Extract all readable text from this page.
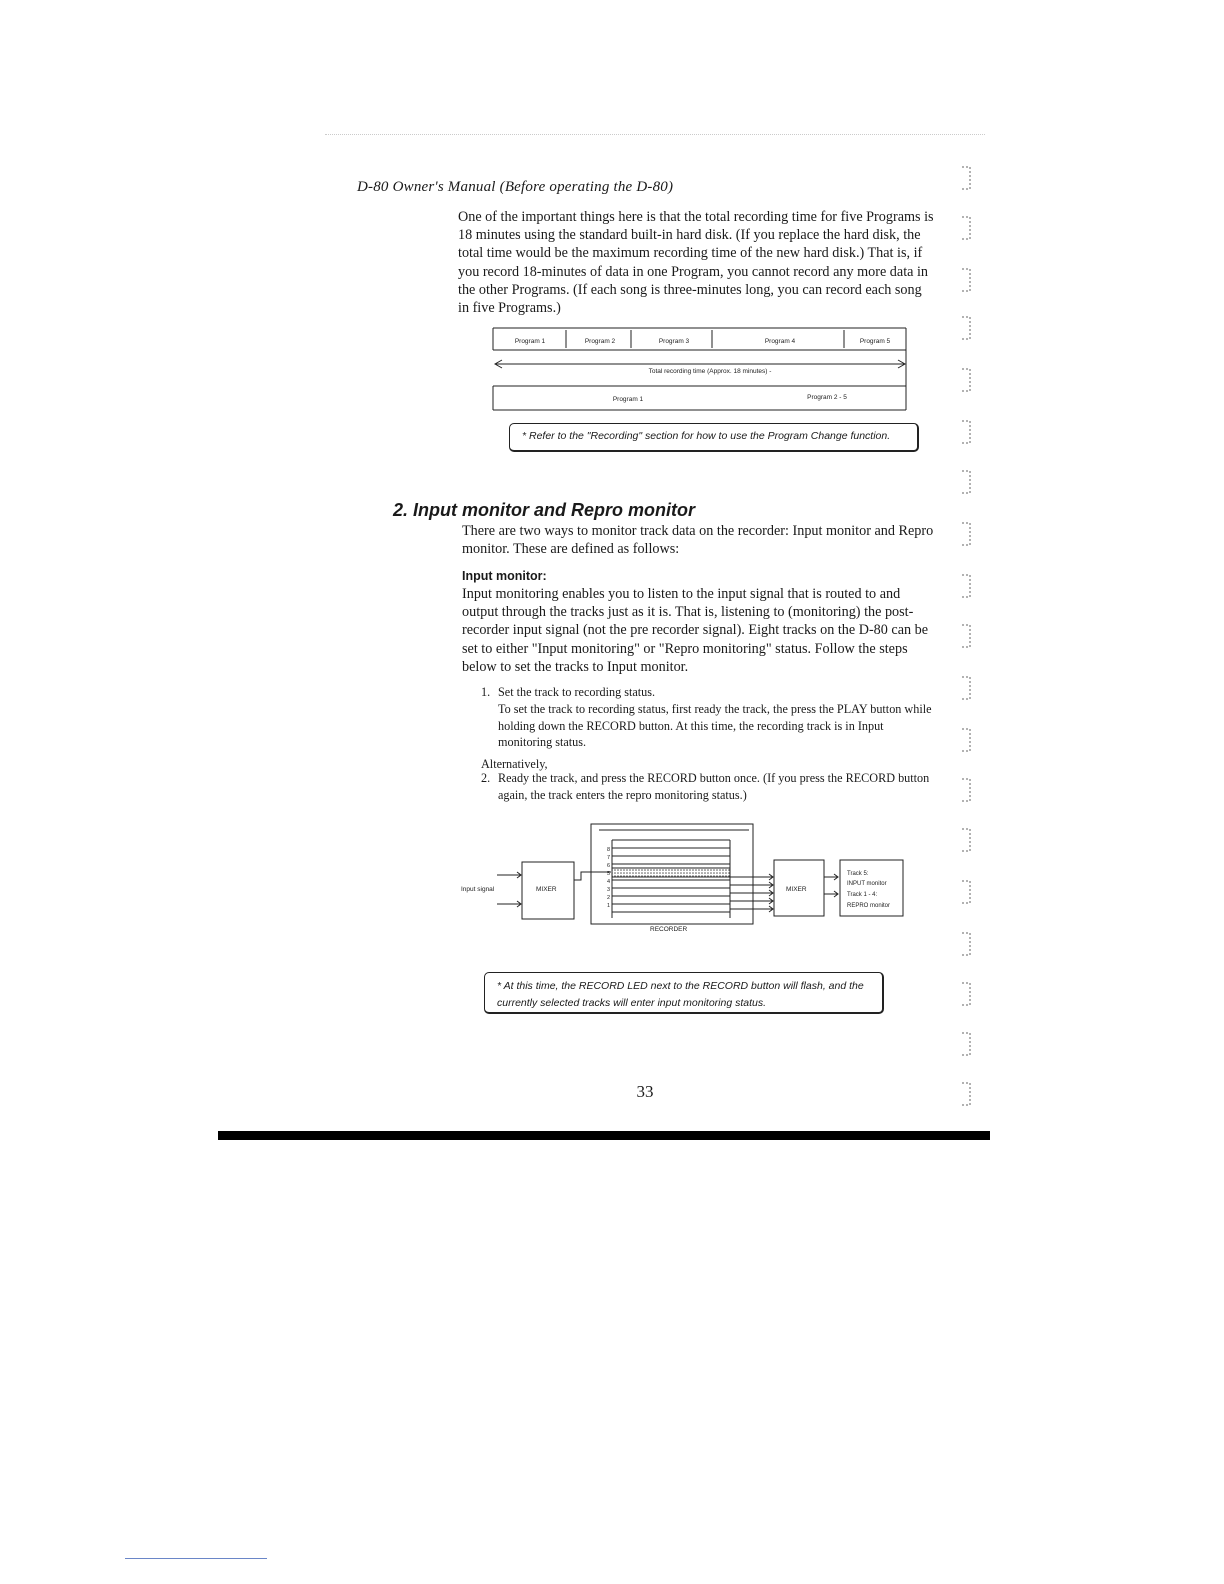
D-80 Owner's Manual (Before operating the D-80)
One of the important things here is that the total recording time for five Programs is 18 minutes using the standard built-in hard disk. (If you replace the hard disk, the total time would be the maximum recording time of the new hard disk.) That is, if you record 18-minutes of data in one Program, you cannot record any more data in the other Programs. (If each song is three-minutes long, you can record each song in five Programs.)
Program 1	Program 2	Program 3	Program 4	Program 5
Total recording time (Approx. 18 minutes) -
Program 1	Program 2 - 5
* Refer to the "Recording" section for how to use the Program Change function.
2. Input monitor and Repro monitor
There are two ways to monitor track data on the recorder: Input monitor and Repro monitor. These are defined as follows:
Input monitor:
Input monitoring enables you to listen to the input signal that is routed to and output through the tracks just as it is. That is, listening to (monitoring) the post-recorder input signal (not the pre recorder signal). Eight tracks on the D-80 can be set to either "Input monitoring" or "Repro monitoring" status. Follow the steps below to set the tracks to Input monitor.
1. Set the track to recording status.
To set the track to recording status, first ready the track, the press the PLAY button while holding down the RECORD button. At this time, the recording track is in Input monitoring status.
Alternatively,
2. Ready the track, and press the RECORD button once. (If you press the RECORD button again, the track enters the repro monitoring status.)
Input signal	MIXER	MIXER
RECORDER
8
7
6
5
4
3
2
1
Track 5:
INPUT monitor
Track 1 - 4:
REPRO monitor
* At this time, the RECORD LED next to the RECORD button will flash, and the
currently selected tracks will enter input monitoring status.
33
